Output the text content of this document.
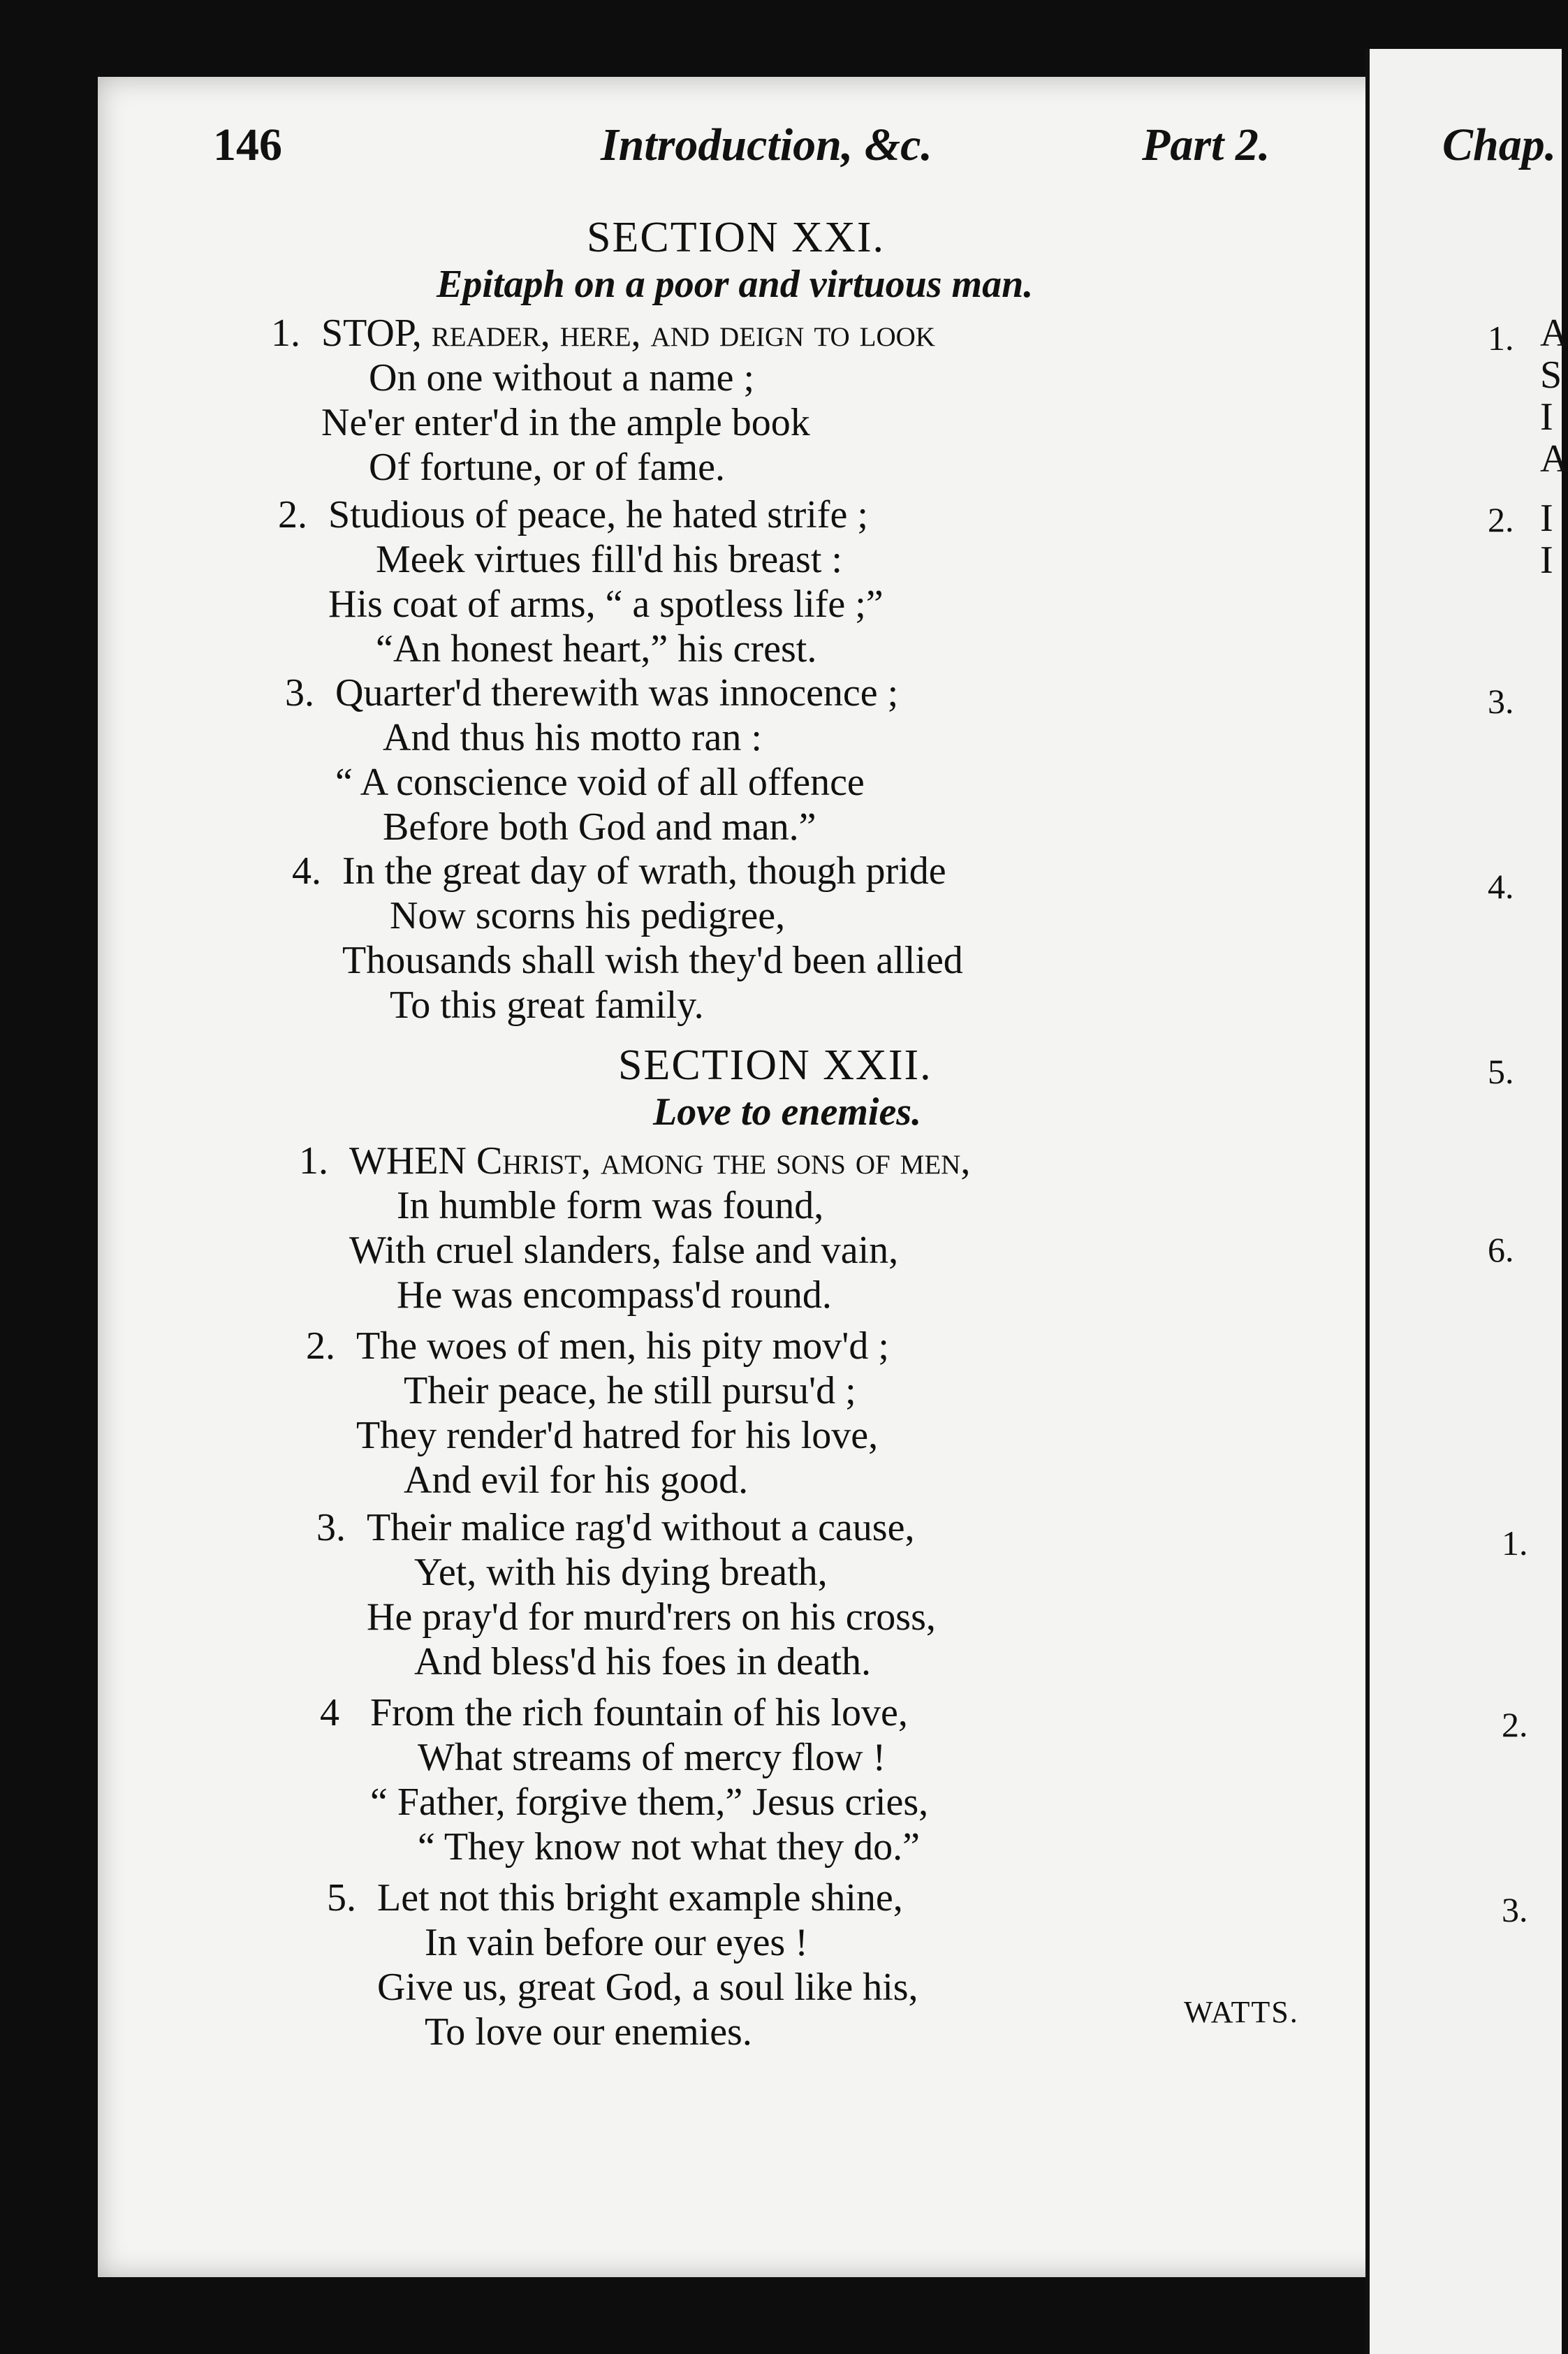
146	Introduction, &c.	Part 2.	Chap.
SECTION XXI.
Epitaph on a poor and virtuous man.
1. STOP, reader, here, and deign to look
On one without a name ;
Ne'er enter'd in the ample book
Of fortune, or of fame.
2. Studious of peace, he hated strife ;
Meek virtues fill'd his breast :
His coat of arms, “ a spotless life ;”
“An honest heart,” his crest.
3. Quarter'd therewith was innocence ;
And thus his motto ran :
“ A conscience void of all offence
Before both God and man.”
4. In the great day of wrath, though pride
Now scorns his pedigree,
Thousands shall wish they'd been allied
To this great family.
SECTION XXII.
Love to enemies.
1. WHEN Christ, among the sons of men,
In humble form was found,
With cruel slanders, false and vain,
He was encompass'd round.
2. The woes of men, his pity mov'd ;
Their peace, he still pursu'd ;
They render'd hatred for his love,
And evil for his good.
3. Their malice rag'd without a cause,
Yet, with his dying breath,
He pray'd for murd'rers on his cross,
And bless'd his foes in death.
4 From the rich fountain of his love,
What streams of mercy flow !
“ Father, forgive them,” Jesus cries,
“ They know not what they do.”
5. Let not this bright example shine,
In vain before our eyes !
Give us, great God, a soul like his,
To love our enemies.	WATTS.
1.
2.
3.
4.
5.
6.
1.
2.
3.
A
S
I
A
I
I
